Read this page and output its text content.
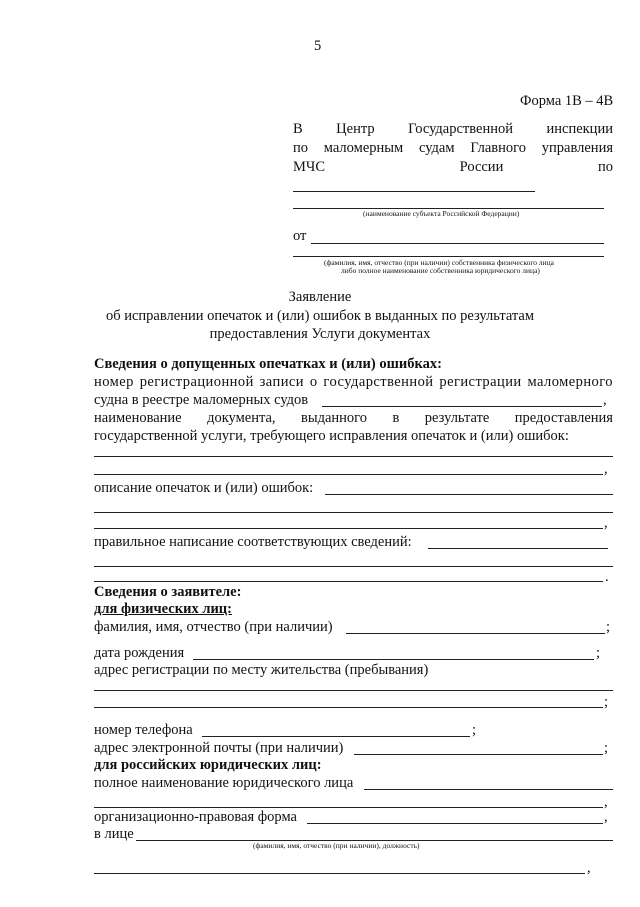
5
Форма 1В – 4В
В Центр Государственной инспекции
по маломерным судам Главного управления
МЧС	России	по
(наименование субъекта Российской Федерации)
от
(фамилия, имя, отчество (при наличии) собственника физического лица
либо полное наименование собственника юридического лица)
Заявление
об исправлении опечаток и (или) ошибок в выданных по результатам
предоставления Услуги документах
Сведения о допущенных опечатках и (или) ошибках:
номер регистрационной записи о государственной регистрации маломерного
судна в реестре маломерных судов	,
наименование документа, выданного в результате предоставления
государственной услуги, требующего исправления опечаток и (или) ошибок:
,
описание опечаток и (или) ошибок:
,
правильное написание соответствующих сведений:
.
Сведения о заявителе:
для физических лиц:
фамилия, имя, отчество (при наличии)	;
дата рождения	;
адрес регистрации по месту жительства (пребывания)
;
номер телефона	;
адрес электронной почты (при наличии)	;
для российских юридических лиц:
полное наименование юридического лица
,
организационно-правовая форма	,
в лице
(фамилия, имя, отчество (при наличии), должность)
,
